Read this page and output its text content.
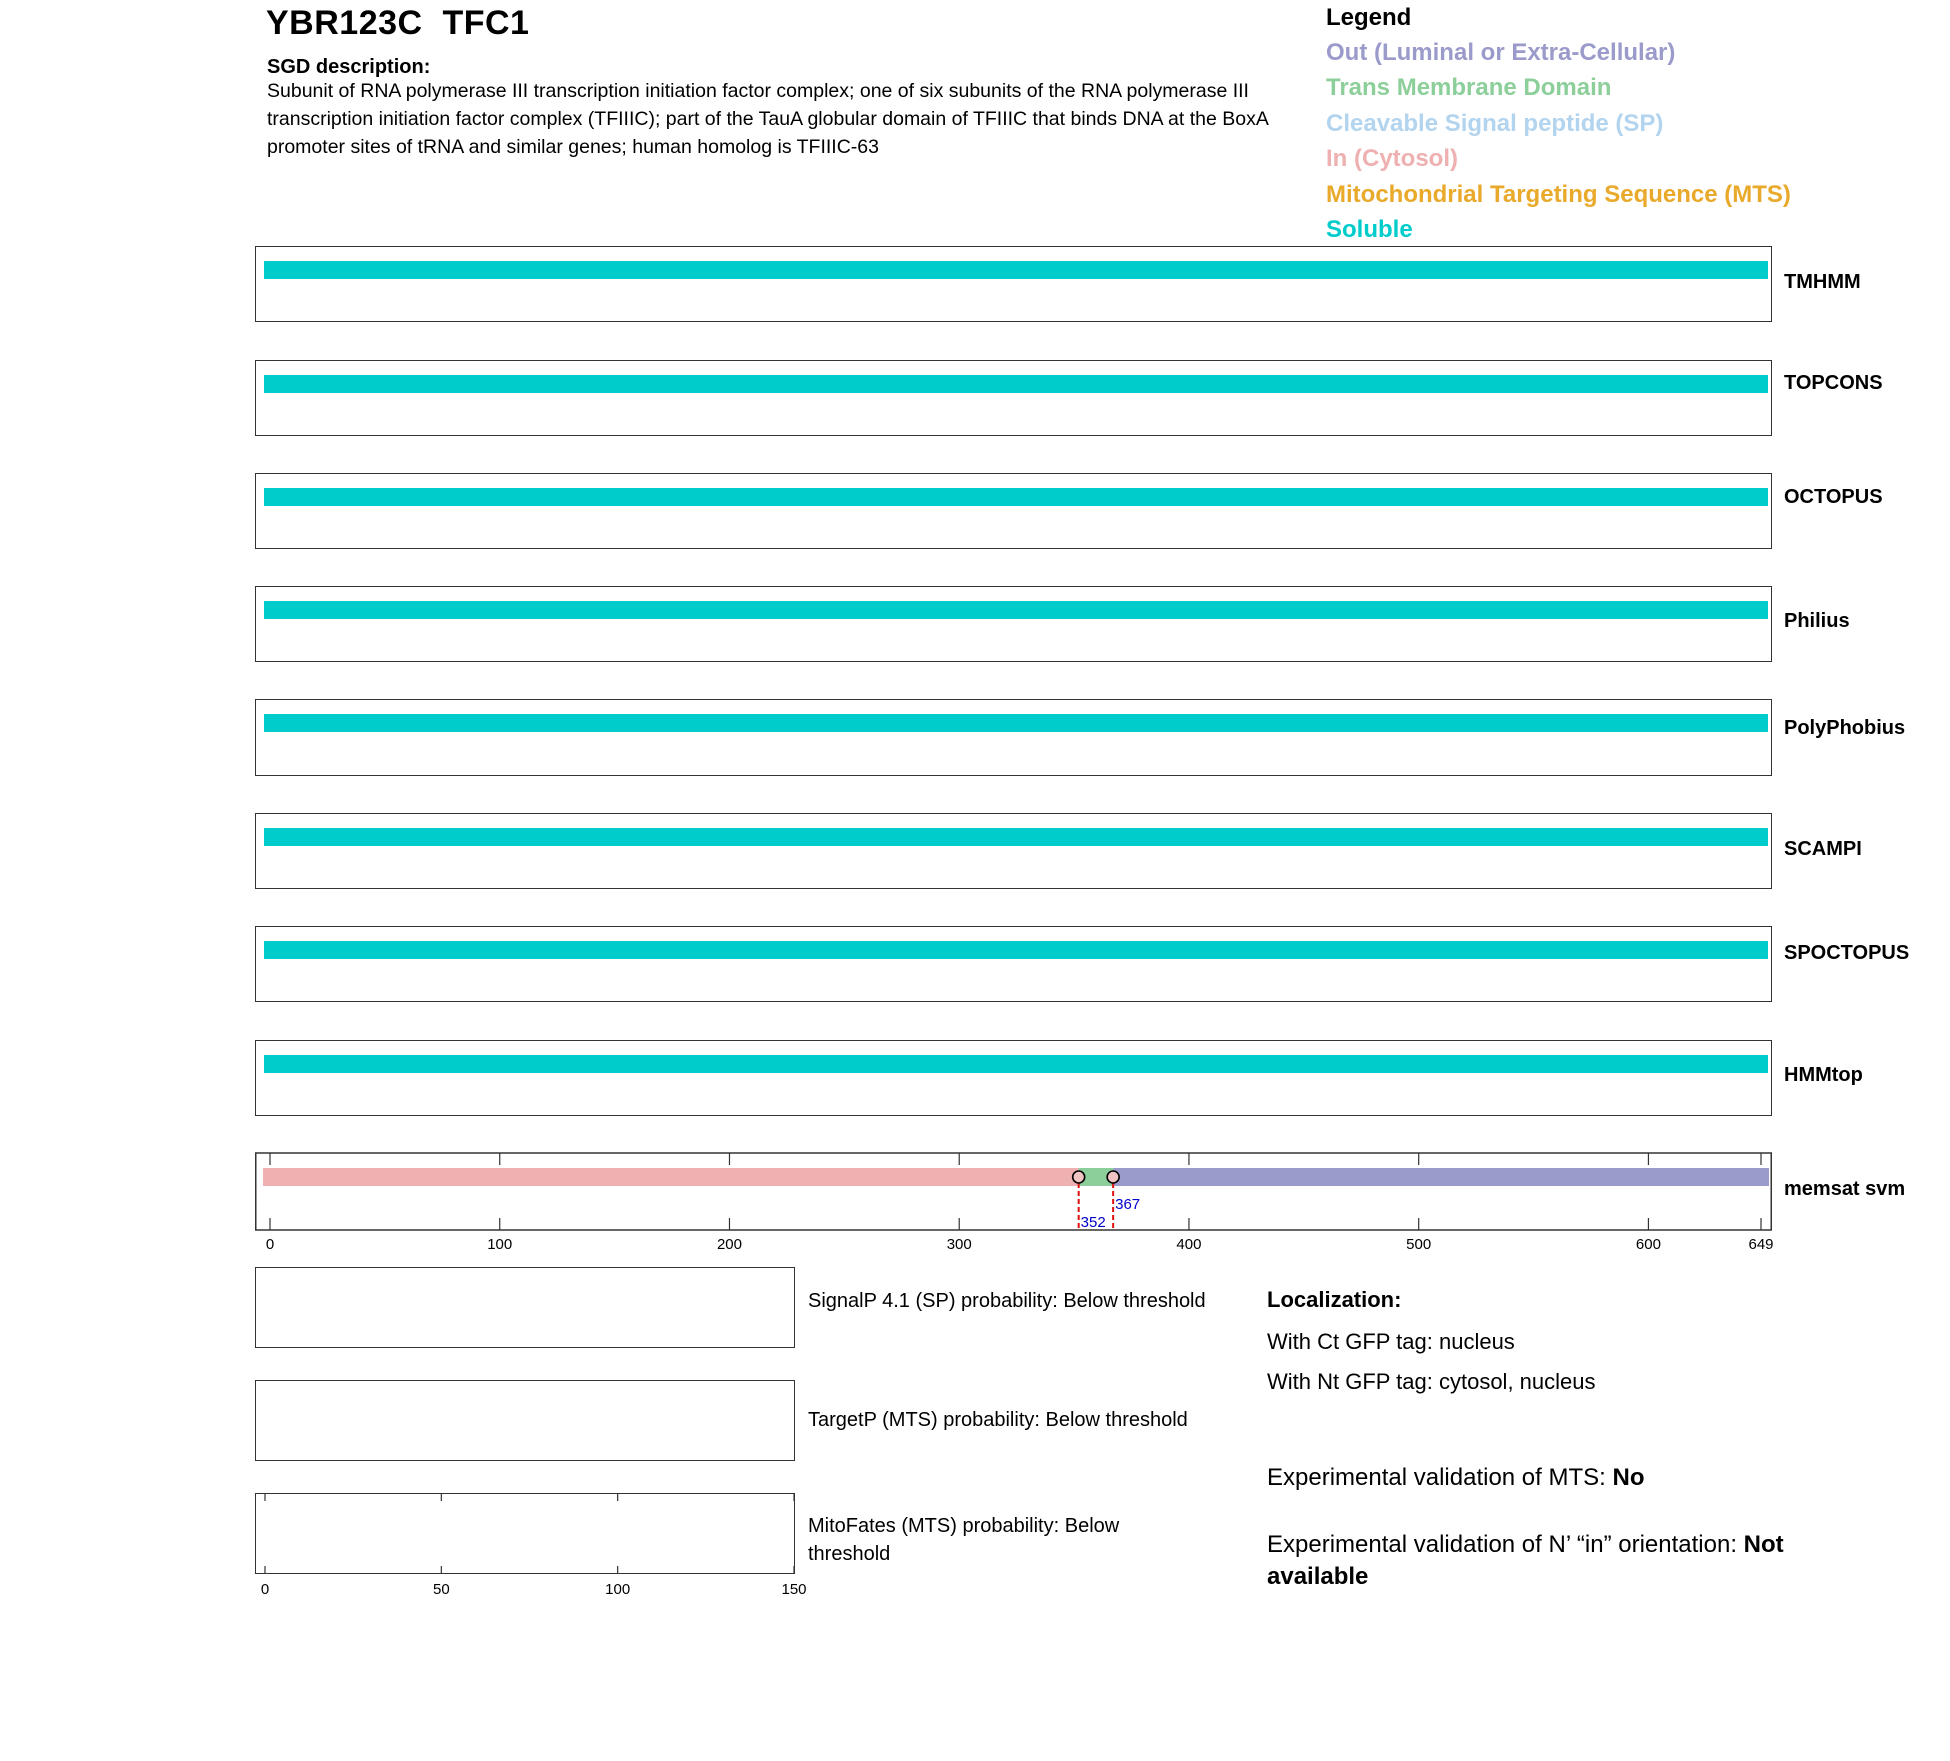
YBR123C  TFC1
SGD description:
Subunit of RNA polymerase III transcription initiation factor complex; one of six subunits of the RNA polymerase III transcription initiation factor complex (TFIIIC); part of the TauA globular domain of TFIIIC that binds DNA at the BoxA promoter sites of tRNA and similar genes; human homolog is TFIIIC-63
Legend
Out (Luminal or Extra-Cellular)
Trans Membrane Domain
Cleavable Signal peptide (SP)
In (Cytosol)
Mitochondrial Targeting Sequence (MTS)
Soluble
TMHMM
TOPCONS
OCTOPUS
Philius
PolyPhobius
SCAMPI
SPOCTOPUS
HMMtop
0	100	200	300	400	500	600	649
352
367
memsat svm
SignalP 4.1 (SP) probability: Below threshold
TargetP (MTS) probability: Below threshold
MitoFates (MTS) probability: Below threshold
0	50	100	150
Localization:
With Ct GFP tag: nucleus
With Nt GFP tag: cytosol, nucleus
Experimental validation of MTS: No
Experimental validation of N’ “in” orientation: Not available
